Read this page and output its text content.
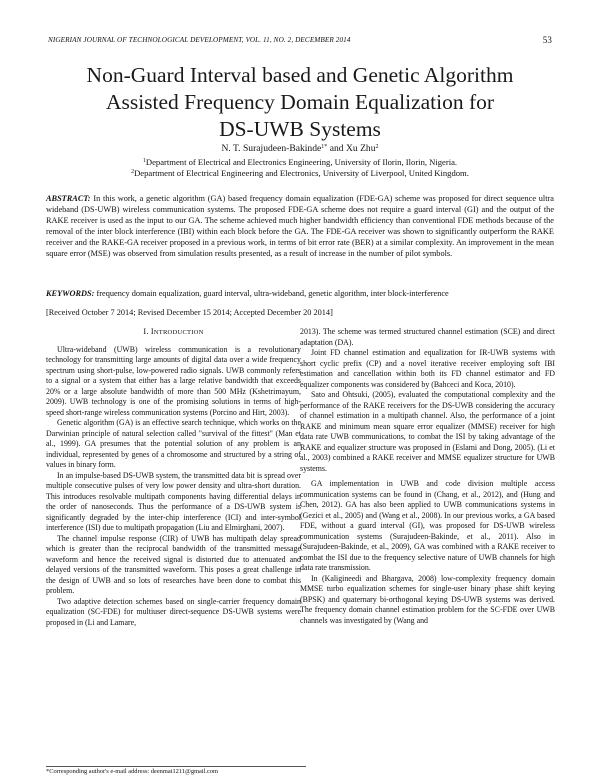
NIGERIAN JOURNAL OF TECHNOLOGICAL DEVELOPMENT, VOL. 11, NO. 2, DECEMBER 2014	53
Non-Guard Interval based and Genetic Algorithm
Assisted Frequency Domain Equalization for
DS-UWB Systems
N. T. Surajudeen-Bakinde$^{1*}$ and Xu Zhu$^2$
$^1$Department of Electrical and Electronics Engineering, University of Ilorin, Ilorin, Nigeria.
$^2$Department of Electrical Engineering and Electronics, University of Liverpool, United Kingdom.
ABSTRACT: In this work, a genetic algorithm (GA) based frequency domain equalization (FDE-GA) scheme was proposed for direct sequence ultra wideband (DS-UWB) wireless communication systems. The proposed FDE-GA scheme does not require a guard interval (GI) and the output of the RAKE receiver is used as the input to our GA. The scheme achieved much higher bandwidth efficiency than conventional FDE methods because of the removal of the inter block interference (IBI) within each block before the GA. The FDE-GA receiver was shown to significantly outperform the RAKE receiver and the RAKE-GA receiver proposed in a previous work, in terms of bit error rate (BER) at a similar complexity. An improvement in the mean square error (MSE) was observed from simulation results presented, as a result of increase in the number of pilot symbols.
KEYWORDS: frequency domain equalization, guard interval, ultra-wideband, genetic algorithm, inter block-interference
[Received October 7 2014; Revised December 15 2014; Accepted December 20 2014]
I. INTRODUCTION

Ultra-wideband (UWB) wireless communication is a revolutionary technology for transmitting large amounts of digital data over a wide frequency spectrum using short-pulse, low-powered radio signals. UWB commonly refers to a signal or a system that either has a large relative bandwidth that exceeds 20% or a large absolute bandwidth of more than 500 MHz (Kshetrimayum, 2009). UWB technology is one of the promising solutions in terms of high-speed short-range wireless communication systems (Porcino and Hirt, 2003).

Genetic algorithm (GA) is an effective search technique, which works on the Darwinian principle of natural selection called "survival of the fittest" (Man et al., 1999). GA presumes that the potential solution of any problem is an individual, represented by genes of a chromosome and structured by a string of values in binary form.

In an impulse-based DS-UWB system, the transmitted data bit is spread over multiple consecutive pulses of very low power density and ultra-short duration. This introduces resolvable multipath components having differential delays in the order of nanoseconds. Thus the performance of a DS-UWB system is significantly degraded by the inter-chip interference (ICI) and inter-symbol interference (ISI) due to multipath propagation (Liu and Elmirghani, 2007).

The channel impulse response (CIR) of UWB has multipath delay spread which is greater than the reciprocal bandwidth of the transmitted message waveform and hence the received signal is distorted due to attenuated and delayed versions of the transmitted waveform. This poses a great challenge in the design of UWB and so lots of researches have been done to combat this problem.

Two adaptive detection schemes based on single-carrier frequency domain equalization (SC-FDE) for multiuser direct-sequence DS-UWB systems were proposed in (Li and Lamare,

2013). The scheme was termed structured channel estimation (SCE) and direct adaptation (DA).

Joint FD channel estimation and equalization for IR-UWB systems with short cyclic prefix (CP) and a novel iterative receiver employing soft IBI estimation and cancellation within both its FD channel estimator and FD equalizer components was considered by (Bahceci and Koca, 2010).

Sato and Ohtsuki, (2005), evaluated the computational complexity and the performance of the RAKE receivers for the DS-UWB considering the accuracy of channel estimation in a multipath channel. Also, the performance of a joint RAKE and minimum mean square error equalizer (MMSE) receiver for high data rate UWB communications, to combat the ISI by taking advantage of the RAKE and equalizer structure was proposed in (Eslami and Dong, 2005). (Li et al., 2003) combined a RAKE receiver and MMSE equalizer structure for UWB systems.

GA implementation in UWB and code division multiple access communication systems can be found in (Chang, et al., 2012), and (Hung and Chen, 2012). GA has also been applied to UWB communications systems in (Gezici et al., 2005) and (Wang et al., 2008). In our previous works, a GA based FDE, without a guard interval (GI), was proposed for DS-UWB wireless communication systems (Surajudeen-Bakinde, et al., 2011). Also in (Surajudeen-Bakinde, et al., 2009), GA was combined with a RAKE receiver to combat the ISI due to the frequency selective nature of UWB channels for high data rate transmission.

In (Kaligineedi and Bhargava, 2008) low-complexity frequency domain MMSE turbo equalization schemes for single-user binary phase shift keying (BPSK) and quaternary bi-orthogonal keying DS-UWB systems was derived. The frequency domain channel estimation problem for the SC-FDE over UWB channels was investigated by (Wang and

*Corresponding author's e-mail address: deenmat1211@gmail.com
